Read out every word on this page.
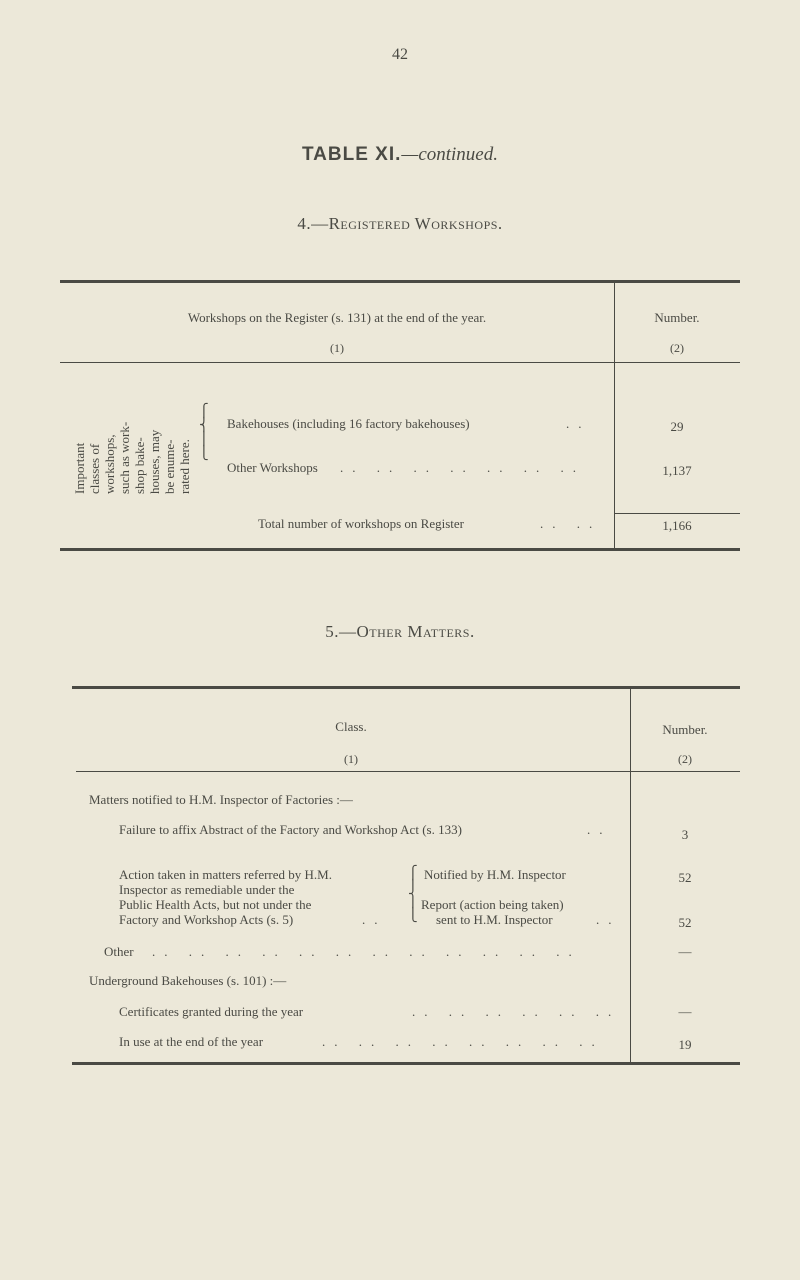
42
TABLE XI.—continued.
4.—Registered Workshops.
Workshops on the Register (s. 131) at the end of the year.
(1)
Number.
(2)
Important
classes of
workshops,
such as work-
shop bake-
houses, may
be enume-
rated here.
⎧
⎨
⎪
⎩
Bakehouses (including 16 factory bakehouses)	..	29
Other Workshops .. .. .. .. .. .. ..	1,137
Total number of workshops on Register	.. ..	1,166
5.—Other Matters.
Class.
(1)
Number.
(2)
Matters notified to H.M. Inspector of Factories :—
Failure to affix Abstract of the Factory and Workshop Act (s. 133)	..	3
Action taken in matters referred by H.M.
Inspector as remediable under the
Public Health Acts, but not under the
Factory and Workshop Acts (s. 5)	..
⎧
⎭
⎫
⎩
Notified by H.M. Inspector	52
Report (action being taken)
sent to H.M. Inspector	..	52
Other .. .. .. .. .. .. .. .. .. .. .. ..	—
Underground Bakehouses (s. 101) :—
Certificates granted during the year	.. .. .. .. .. ..	—
In use at the end of the year	.. .. .. .. .. .. .. ..	19
